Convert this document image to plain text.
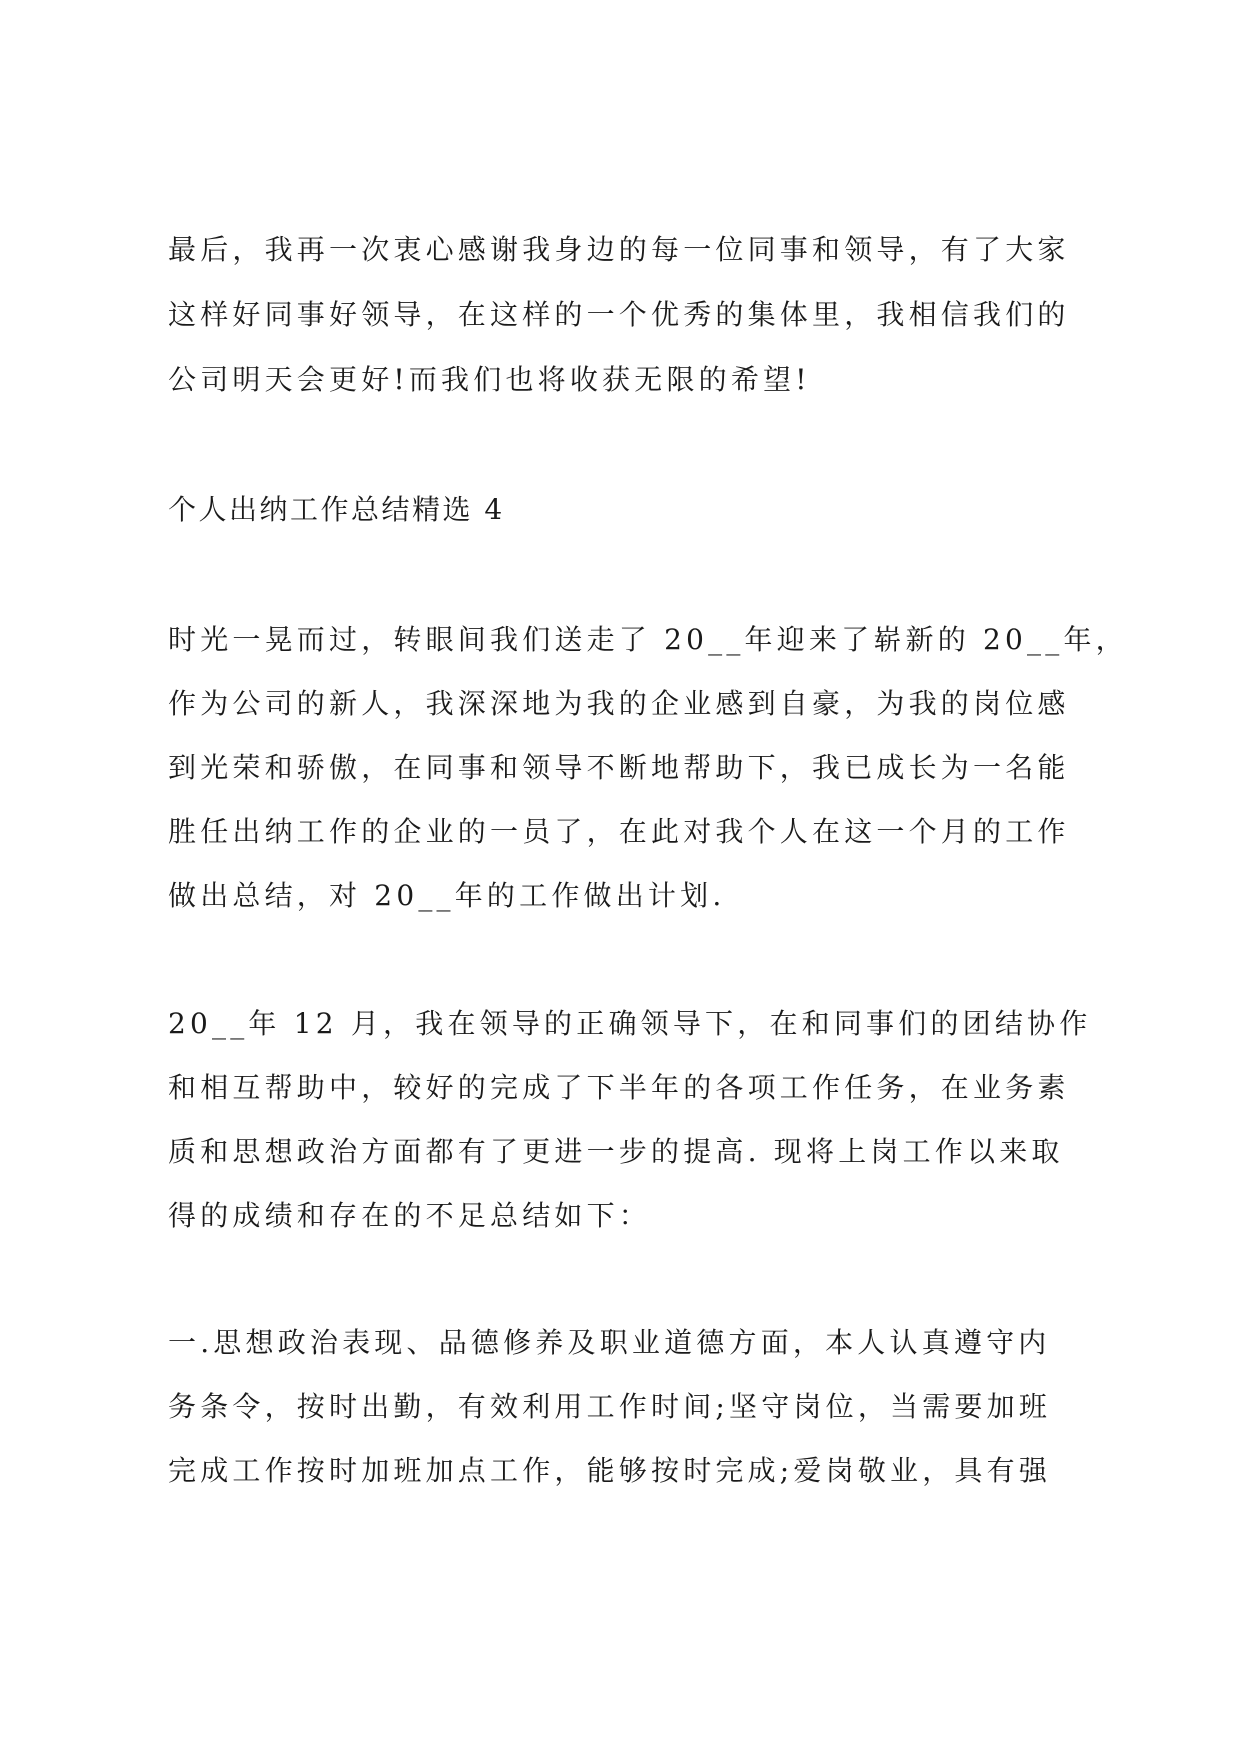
最后，我再一次衷心感谢我身边的每一位同事和领导，有了大家
这样好同事好领导，在这样的一个优秀的集体里，我相信我们的
公司明天会更好!而我们也将收获无限的希望!
个人出纳工作总结精选 4
时光一晃而过，转眼间我们送走了 20__年迎来了崭新的 20__年，
作为公司的新人，我深深地为我的企业感到自豪，为我的岗位感
到光荣和骄傲，在同事和领导不断地帮助下，我已成长为一名能
胜任出纳工作的企业的一员了，在此对我个人在这一个月的工作
做出总结，对 20__年的工作做出计划.
20__年 12 月，我在领导的正确领导下，在和同事们的团结协作
和相互帮助中，较好的完成了下半年的各项工作任务，在业务素
质和思想政治方面都有了更进一步的提高. 现将上岗工作以来取
得的成绩和存在的不足总结如下：
一.思想政治表现、品德修养及职业道德方面，本人认真遵守内
务条令，按时出勤，有效利用工作时间;坚守岗位，当需要加班
完成工作按时加班加点工作，能够按时完成;爱岗敬业，具有强
